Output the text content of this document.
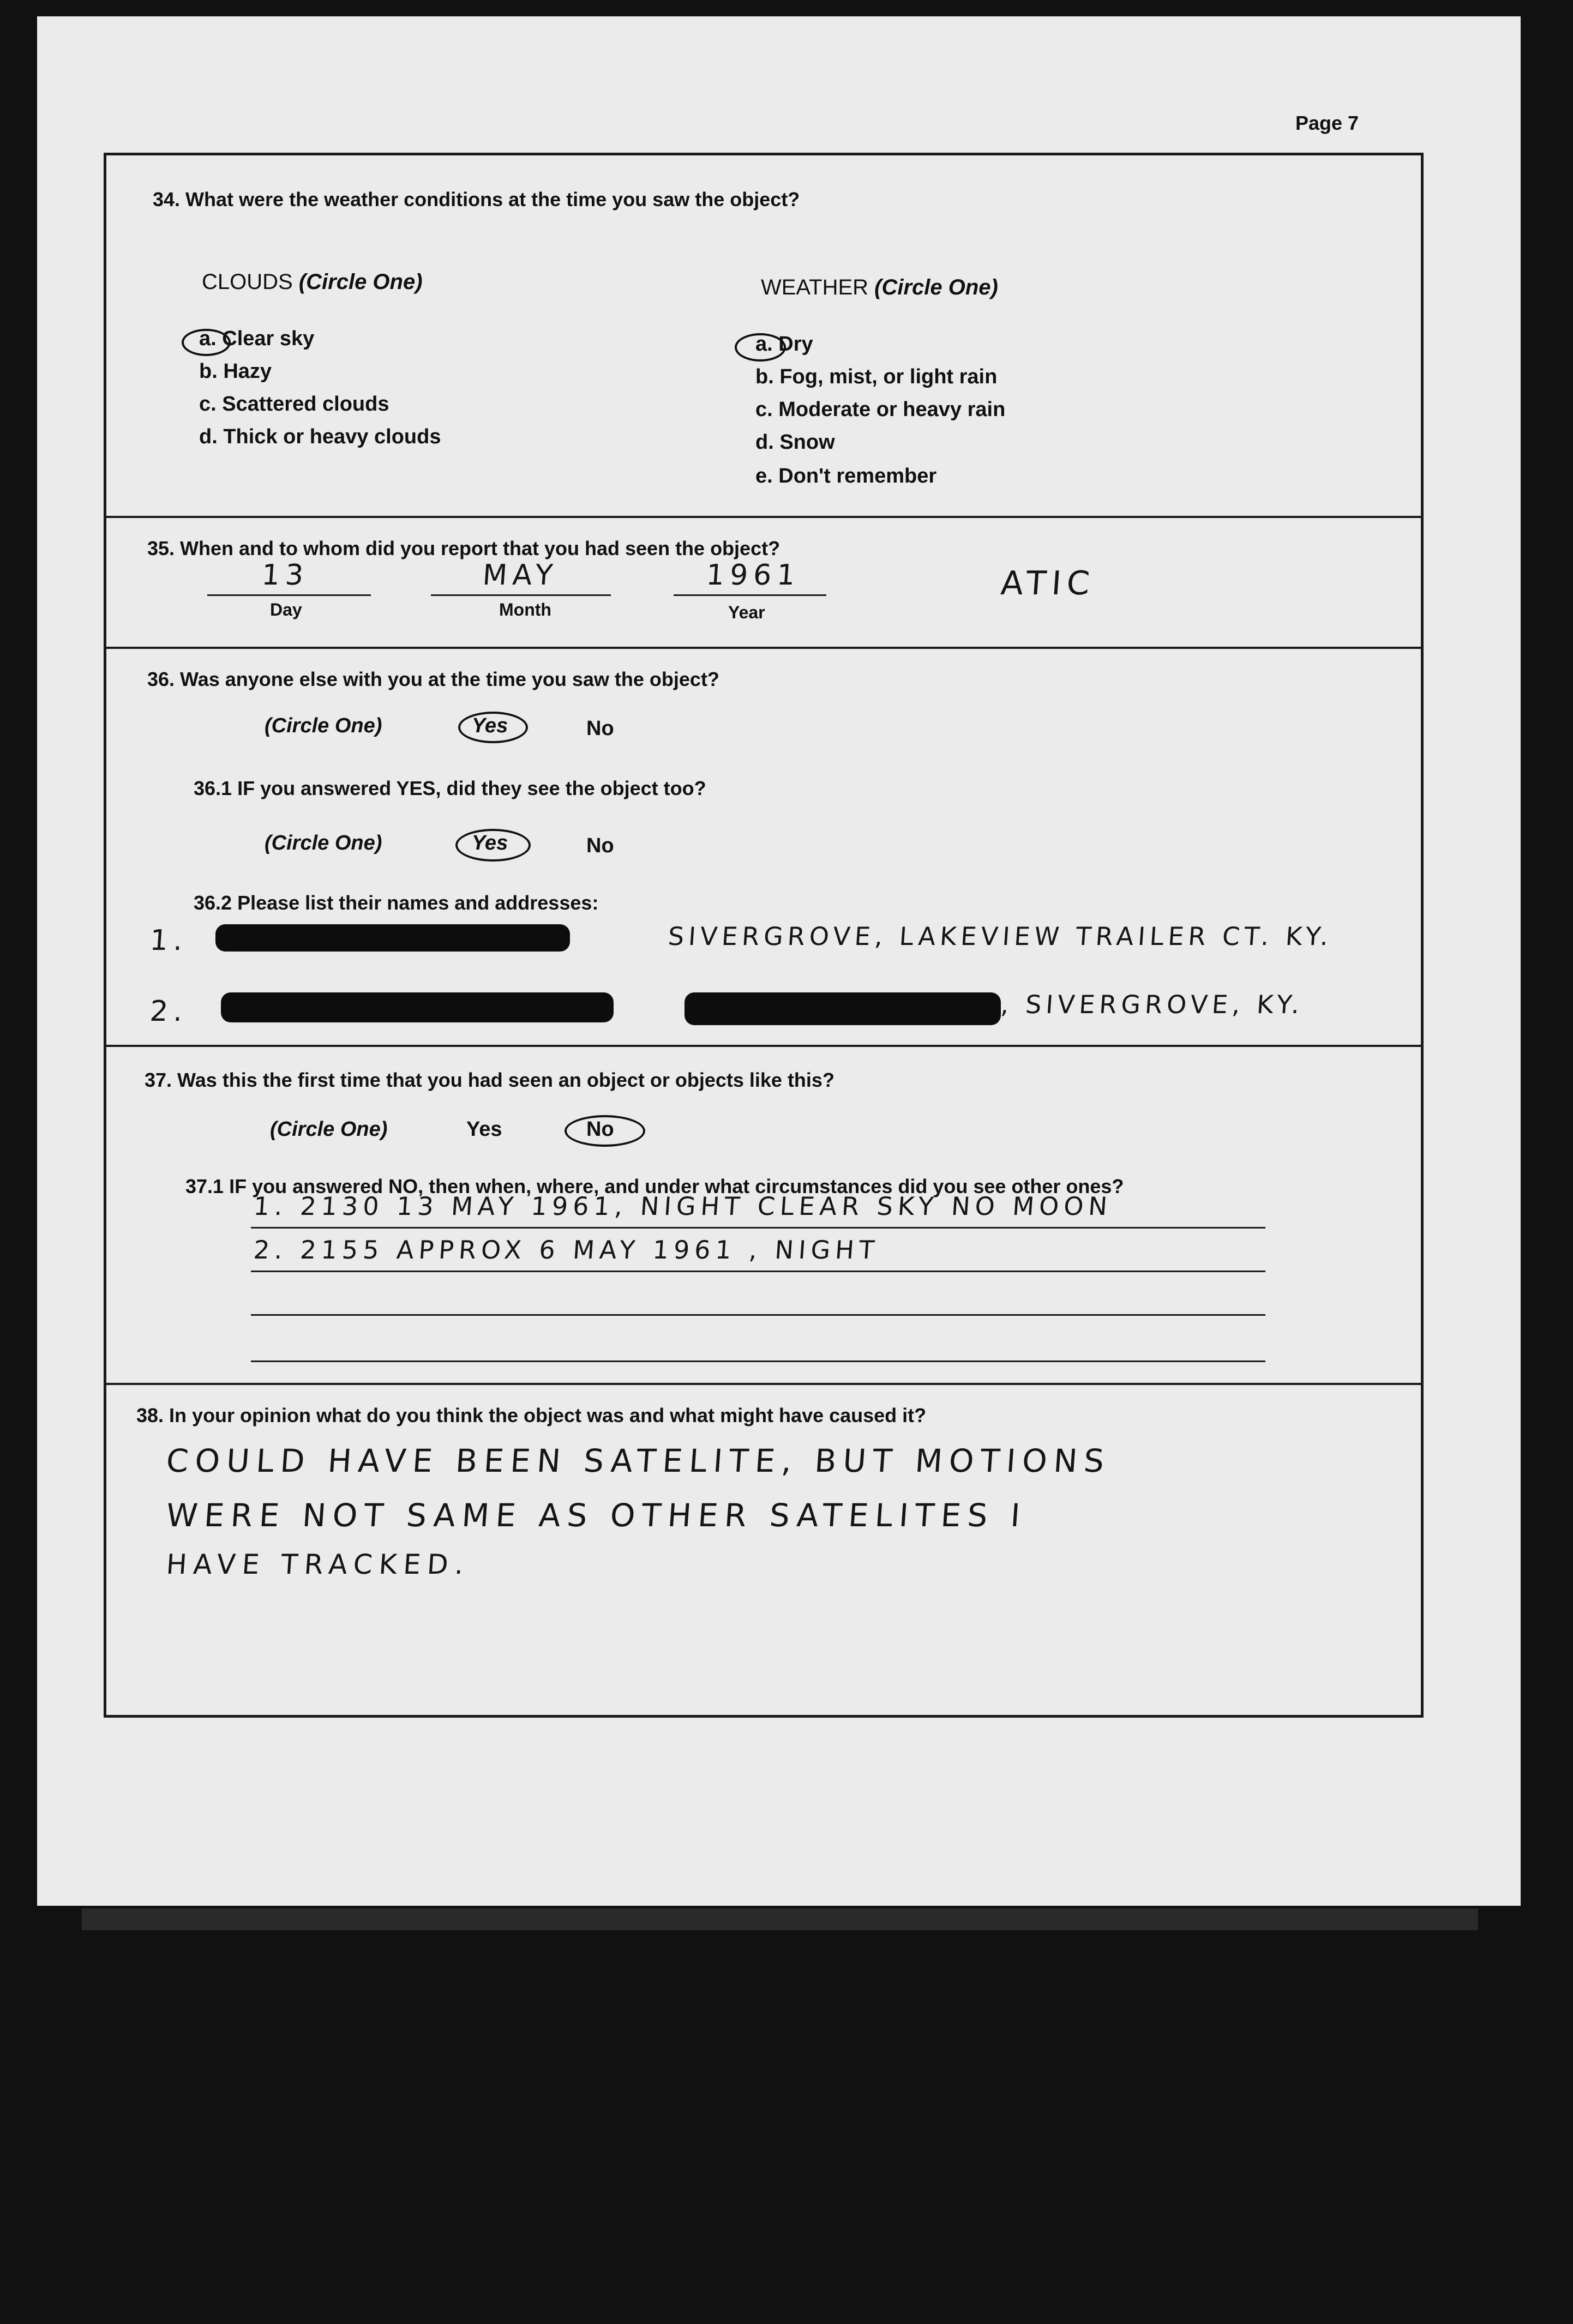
Page 7
34. What were the weather conditions at the time you saw the object?
CLOUDS (Circle One)	WEATHER (Circle One)
a. Clear sky
b. Hazy
c. Scattered clouds
d. Thick or heavy clouds
a. Dry
b. Fog, mist, or light rain
c. Moderate or heavy rain
d. Snow
e. Don't remember
35. When and to whom did you report that you had seen the object?
13
Day
MAY
Month
1961
Year
ATIC
36. Was anyone else with you at the time you saw the object?
(Circle One)	Yes	No
36.1 IF you answered YES, did they see the object too?
(Circle One)	Yes	No
36.2 Please list their names and addresses:
1.	SIVERGROVE, LAKEVIEW TRAILER CT. KY.
2.	, SIVERGROVE, KY.
37. Was this the first time that you had seen an object or objects like this?
(Circle One)	Yes	No
37.1 IF you answered NO, then when, where, and under what circumstances did you see other ones?
1. 2130 13 MAY 1961, NIGHT CLEAR SKY NO MOON
2. 2155 APPROX 6 MAY 1961 , NIGHT
38. In your opinion what do you think the object was and what might have caused it?
COULD HAVE BEEN SATELITE, BUT MOTIONS
WERE NOT SAME AS OTHER SATELITES I
HAVE TRACKED.
